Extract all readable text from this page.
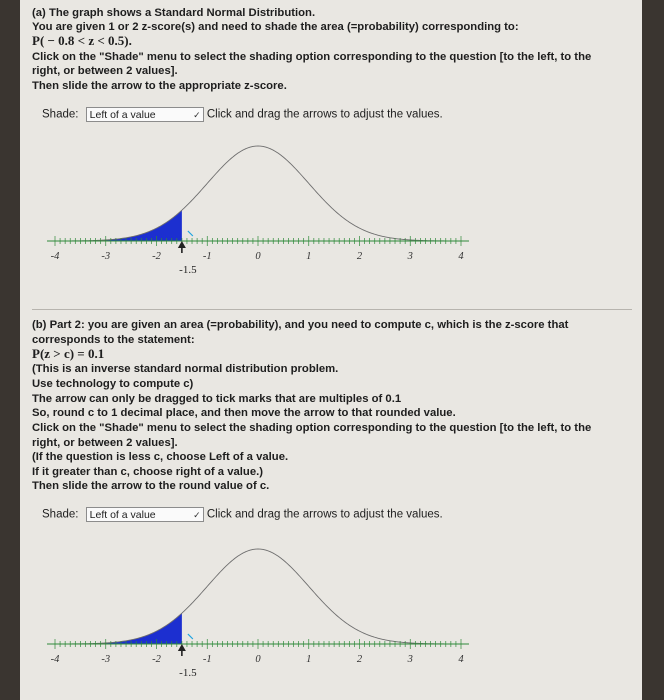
(a) The graph shows a Standard Normal Distribution.
You are given 1 or 2 z-score(s) and need to shade the area (=probability) corresponding to:
P( − 0.8 < z < 0.5).
Click on the "Shade" menu to select the shading option corresponding to the question [to the left, to the
right, or between 2 values].
Then slide the arrow to the appropriate z-score.
Shade: Left of a value	✓ Click and drag the arrows to adjust the values.
-4	-3	-2	-1	0	1	2	3	4
-1.5
(b) Part 2: you are given an area (=probability), and you need to compute c, which is the z-score that
corresponds to the statement:
P(z > c) = 0.1
(This is an inverse standard normal distribution problem.
Use technology to compute c)
The arrow can only be dragged to tick marks that are multiples of 0.1
So, round c to 1 decimal place, and then move the arrow to that rounded value.
Click on the "Shade" menu to select the shading option corresponding to the question [to the left, to the
right, or between 2 values].
(If the question is less c, choose Left of a value.
If it greater than c, choose right of a value.)
Then slide the arrow to the round value of c.
Shade: Left of a value	✓ Click and drag the arrows to adjust the values.
-4	-3	-2	-1	0	1	2	3	4
-1.5
